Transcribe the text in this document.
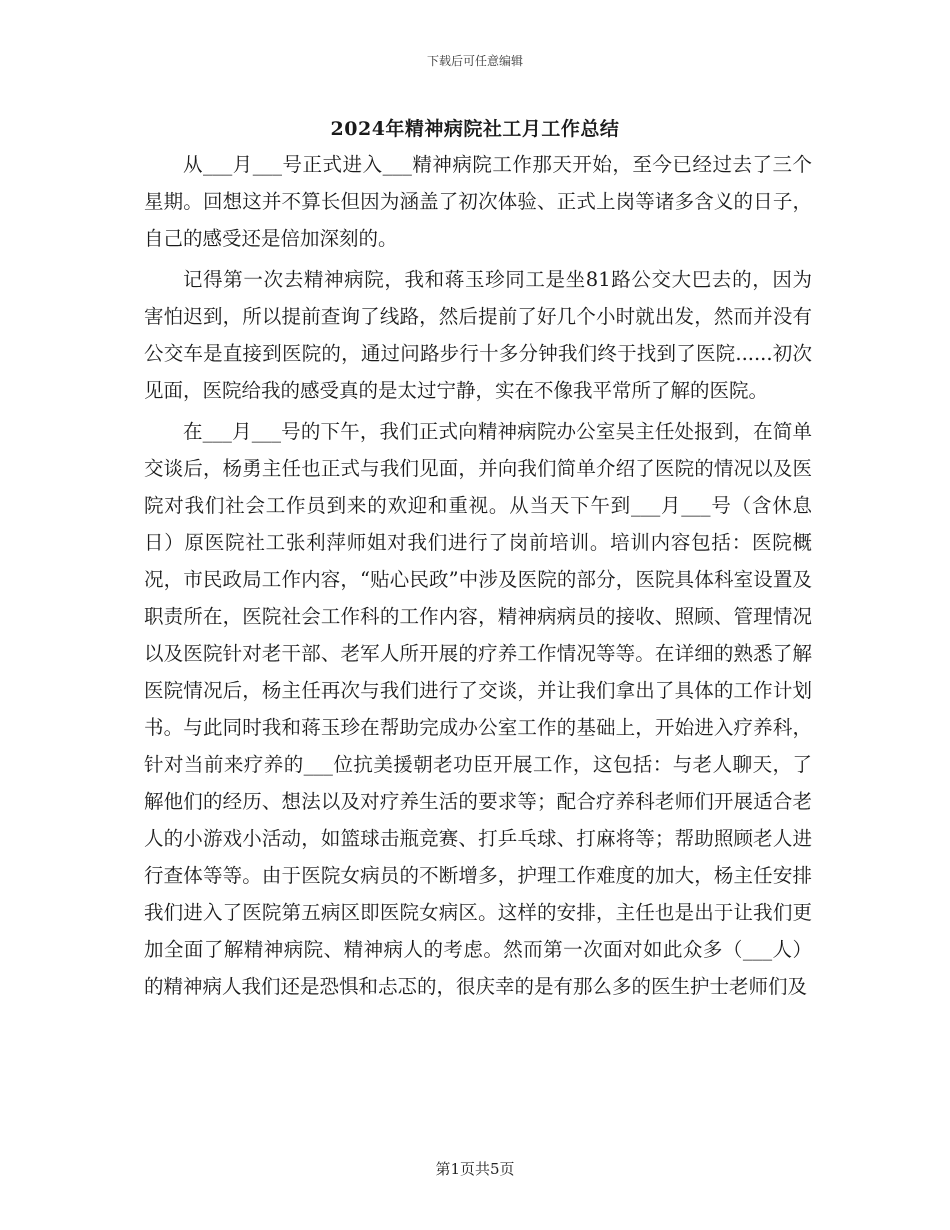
下载后可任意编辑
2024年精神病院社工月工作总结

从___月___号正式进入___精神病院工作那天开始，至今已经过去了三个星期。回想这并不算长但因为涵盖了初次体验、正式上岗等诸多含义的日子，自己的感受还是倍加深刻的。

记得第一次去精神病院，我和蒋玉珍同工是坐81路公交大巴去的，因为害怕迟到，所以提前查询了线路，然后提前了好几个小时就出发，然而并没有公交车是直接到医院的，通过问路步行十多分钟我们终于找到了医院......初次见面，医院给我的感受真的是太过宁静，实在不像我平常所了解的医院。

在___月___号的下午，我们正式向精神病院办公室吴主任处报到，在简单交谈后，杨勇主任也正式与我们见面，并向我们简单介绍了医院的情况以及医院对我们社会工作员到来的欢迎和重视。从当天下午到___月___号（含休息日）原医院社工张利萍师姐对我们进行了岗前培训。培训内容包括：医院概况，市民政局工作内容，“贴心民政”中涉及医院的部分，医院具体科室设置及职责所在，医院社会工作科的工作内容，精神病病员的接收、照顾、管理情况以及医院针对老干部、老军人所开展的疗养工作情况等等。在详细的熟悉了解医院情况后，杨主任再次与我们进行了交谈，并让我们拿出了具体的工作计划书。与此同时我和蒋玉珍在帮助完成办公室工作的基础上，开始进入疗养科，针对当前来疗养的___位抗美援朝老功臣开展工作，这包括：与老人聊天，了解他们的经历、想法以及对疗养生活的要求等；配合疗养科老师们开展适合老人的小游戏小活动，如篮球击瓶竞赛、打乒乓球、打麻将等；帮助照顾老人进行查体等等。由于医院女病员的不断增多，护理工作难度的加大，杨主任安排我们进入了医院第五病区即医院女病区。这样的安排，主任也是出于让我们更加全面了解精神病院、精神病人的考虑。然而第一次面对如此众多（___人）的精神病人我们还是恐惧和忐忑的，很庆幸的是有那么多的医生护士老师们及

第1页共5页
